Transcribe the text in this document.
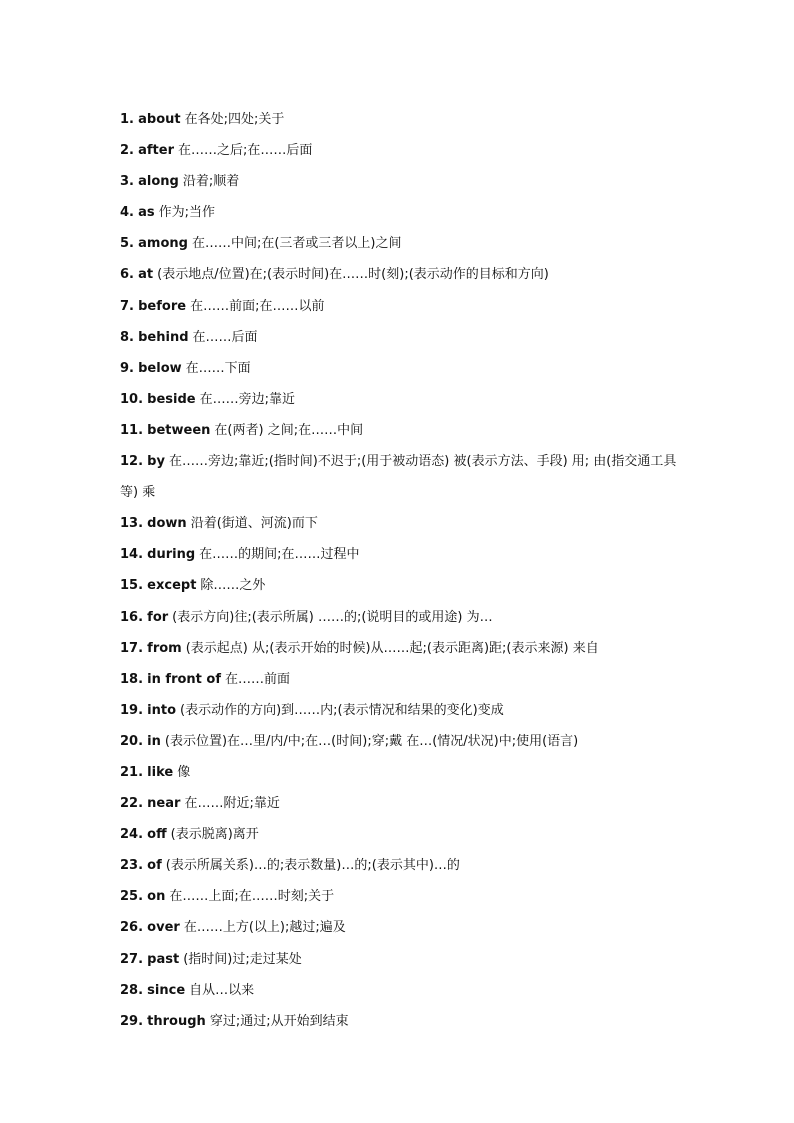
1. about 在各处;四处;关于

2. after 在……之后;在……后面

3. along 沿着;顺着

4. as 作为;当作

5. among 在……中间;在(三者或三者以上)之间

6. at (表示地点/位置)在;(表示时间)在……时(刻);(表示动作的目标和方向)

7. before 在……前面;在……以前

8. behind 在……后面

9. below 在……下面

10. beside 在……旁边;靠近

11. between 在(两者) 之间;在……中间

12. by 在……旁边;靠近;(指时间)不迟于;(用于被动语态) 被(表示方法、手段) 用; 由(指交通工具等) 乘

13. down 沿着(街道、河流)而下

14. during 在……的期间;在……过程中

15. except 除……之外

16. for (表示方向)往;(表示所属) ……的;(说明目的或用途) 为…

17. from (表示起点) 从;(表示开始的时候)从……起;(表示距离)距;(表示来源) 来自

18. in front of 在……前面

19. into (表示动作的方向)到……内;(表示情况和结果的变化)变成

20. in (表示位置)在…里/内/中;在…(时间);穿;戴 在…(情况/状况)中;使用(语言)

21. like 像

22. near 在……附近;靠近

24. off (表示脱离)离开

23. of (表示所属关系)…的;表示数量)…的;(表示其中)…的

25. on 在……上面;在……时刻;关于

26. over 在……上方(以上);越过;遍及

27. past (指时间)过;走过某处

28. since 自从…以来

29. through 穿过;通过;从开始到结束
